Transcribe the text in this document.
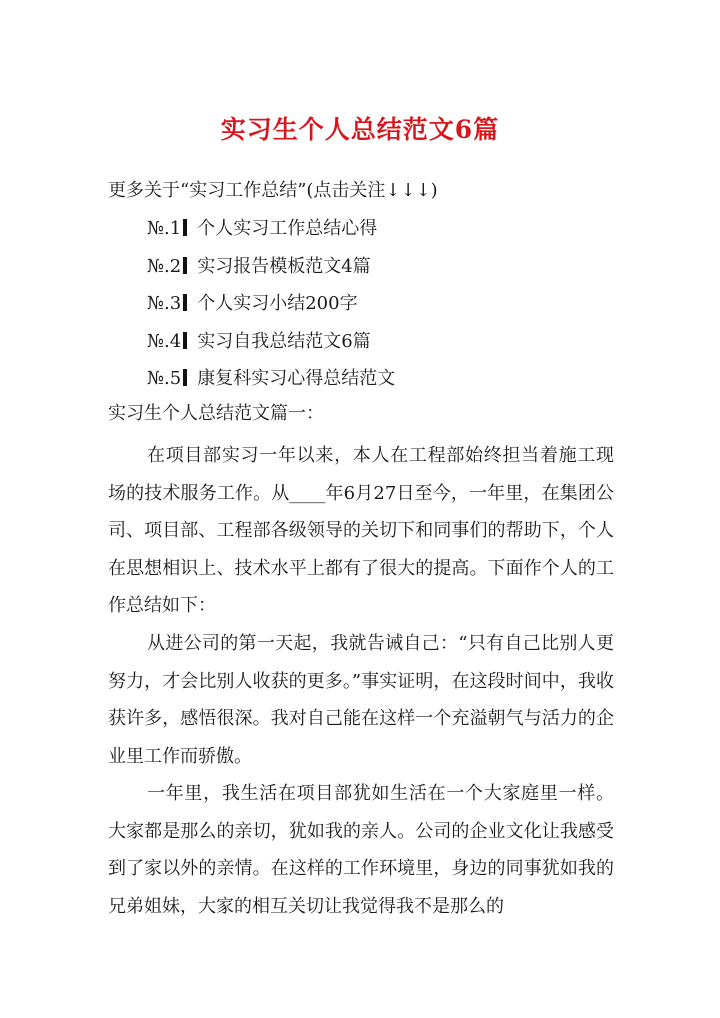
实习生个人总结范文6篇
更多关于“实习工作总结”(点击关注↓↓↓)
№.1 个人实习工作总结心得
№.2 实习报告模板范文4篇
№.3 个人实习小结200字
№.4 实习自我总结范文6篇
№.5 康复科实习心得总结范文
实习生个人总结范文篇一：

在项目部实习一年以来，本人在工程部始终担当着施工现场的技术服务工作。从____年6月27日至今，一年里，在集团公司、项目部、工程部各级领导的关切下和同事们的帮助下，个人在思想相识上、技术水平上都有了很大的提高。下面作个人的工作总结如下：

从进公司的第一天起，我就告诫自己：“只有自己比别人更努力，才会比别人收获的更多。”事实证明，在这段时间中，我收获许多，感悟很深。我对自己能在这样一个充溢朝气与活力的企业里工作而骄傲。

一年里，我生活在项目部犹如生活在一个大家庭里一样。大家都是那么的亲切，犹如我的亲人。公司的企业文化让我感受到了家以外的亲情。在这样的工作环境里，身边的同事犹如我的兄弟姐妹，大家的相互关切让我觉得我不是那么的
